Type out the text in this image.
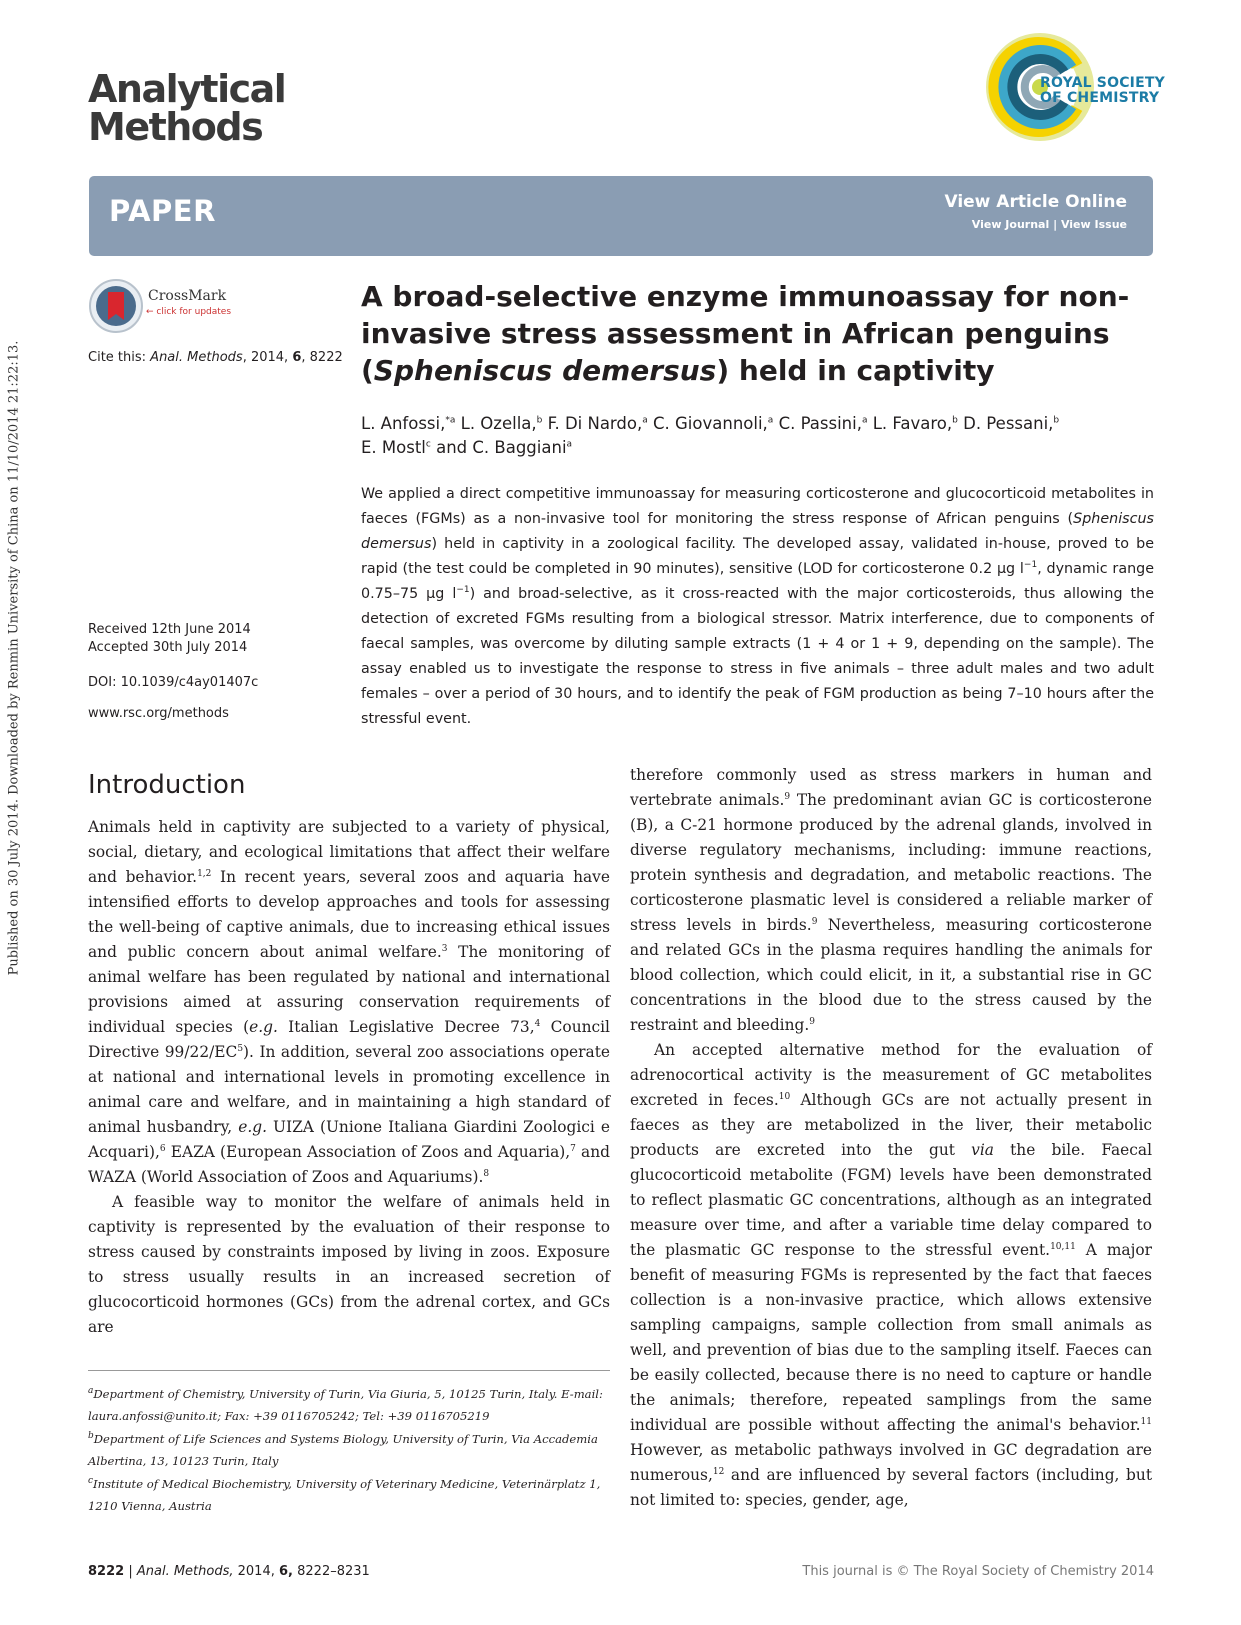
Published on 30 July 2014. Downloaded by Renmin University of China on 11/10/2014 21:22:13.
Analytical
Methods
ROYAL SOCIETY
OF CHEMISTRY
PAPER	View Article Online
View Journal | View Issue
CrossMark
← click for updates
Cite this: Anal. Methods, 2014, 6, 8222
Received 12th June 2014
Accepted 30th July 2014
DOI: 10.1039/c4ay01407c
www.rsc.org/methods
A broad-selective enzyme immunoassay for non-invasive stress assessment in African penguins (Spheniscus demersus) held in captivity
L. Anfossi,$^{*a}$ L. Ozella,$^b$ F. Di Nardo,$^a$ C. Giovannoli,$^a$ C. Passini,$^a$ L. Favaro,$^b$ D. Pessani,$^b$
E. Mostl$^c$ and C. Baggiani$^a$
We applied a direct competitive immunoassay for measuring corticosterone and glucocorticoid metabolites in faeces (FGMs) as a non-invasive tool for monitoring the stress response of African penguins (Spheniscus demersus) held in captivity in a zoological facility. The developed assay, validated in-house, proved to be rapid (the test could be completed in 90 minutes), sensitive (LOD for corticosterone 0.2 μg $l^{-1}$, dynamic range 0.75–75 μg $l^{-1}$) and broad-selective, as it cross-reacted with the major corticosteroids, thus allowing the detection of excreted FGMs resulting from a biological stressor. Matrix interference, due to components of faecal samples, was overcome by diluting sample extracts (1 + 4 or 1 + 9, depending on the sample). The assay enabled us to investigate the response to stress in five animals – three adult males and two adult females – over a period of 30 hours, and to identify the peak of FGM production as being 7–10 hours after the stressful event.
Introduction

Animals held in captivity are subjected to a variety of physical, social, dietary, and ecological limitations that affect their welfare and behavior.$^{1,2}$ In recent years, several zoos and aquaria have intensified efforts to develop approaches and tools for assessing the well-being of captive animals, due to increasing ethical issues and public concern about animal welfare.$^3$ The monitoring of animal welfare has been regulated by national and international provisions aimed at assuring conservation requirements of individual species (e.g. Italian Legislative Decree 73,$^4$ Council Directive $99/22/EC^5$). In addition, several zoo associations operate at national and international levels in promoting excellence in animal care and welfare, and in maintaining a high standard of animal husbandry, e.g. UIZA (Unione Italiana Giardini Zoologici e Acquari),$^6$ EAZA (European Association of Zoos and Aquaria),$^7$ and WAZA (World Association of Zoos and Aquariums).$^8$

A feasible way to monitor the welfare of animals held in captivity is represented by the evaluation of their response to stress caused by constraints imposed by living in zoos. Exposure to stress usually results in an increased secretion of glucocorticoid hormones (GCs) from the adrenal cortex, and GCs are

therefore commonly used as stress markers in human and vertebrate animals.$^9$ The predominant avian GC is corticosterone (B), a C-21 hormone produced by the adrenal glands, involved in diverse regulatory mechanisms, including: immune reactions, protein synthesis and degradation, and metabolic reactions. The corticosterone plasmatic level is considered a reliable marker of stress levels in birds.$^9$ Nevertheless, measuring corticosterone and related GCs in the plasma requires handling the animals for blood collection, which could elicit, in it, a substantial rise in GC concentrations in the blood due to the stress caused by the restraint and bleeding.$^9$

An accepted alternative method for the evaluation of adrenocortical activity is the measurement of GC metabolites excreted in feces.$^{10}$ Although GCs are not actually present in faeces as they are metabolized in the liver, their metabolic products are excreted into the gut via the bile. Faecal glucocorticoid metabolite (FGM) levels have been demonstrated to reflect plasmatic GC concentrations, although as an integrated measure over time, and after a variable time delay compared to the plasmatic GC response to the stressful event.$^{10,11}$ A major benefit of measuring FGMs is represented by the fact that faeces collection is a non-invasive practice, which allows extensive sampling campaigns, sample collection from small animals as well, and prevention of bias due to the sampling itself. Faeces can be easily collected, because there is no need to capture or handle the animals; therefore, repeated samplings from the same individual are possible without affecting the animal's behavior.$^{11}$ However, as metabolic pathways involved in GC degradation are numerous,$^{12}$ and are influenced by several factors (including, but not limited to: species, gender, age,

$^a$Department of Chemistry, University of Turin, Via Giuria, 5, 10125 Turin, Italy. E-mail: laura.anfossi@unito.it; Fax: +39 0116705242; Tel: +39 0116705219

$^b$Department of Life Sciences and Systems Biology, University of Turin, Via Accademia Albertina, 13, 10123 Turin, Italy

$^c$Institute of Medical Biochemistry, University of Veterinary Medicine, Veterinärplatz 1, 1210 Vienna, Austria

8222 | Anal. Methods, 2014, 6, 8222–8231	This journal is © The Royal Society of Chemistry 2014
